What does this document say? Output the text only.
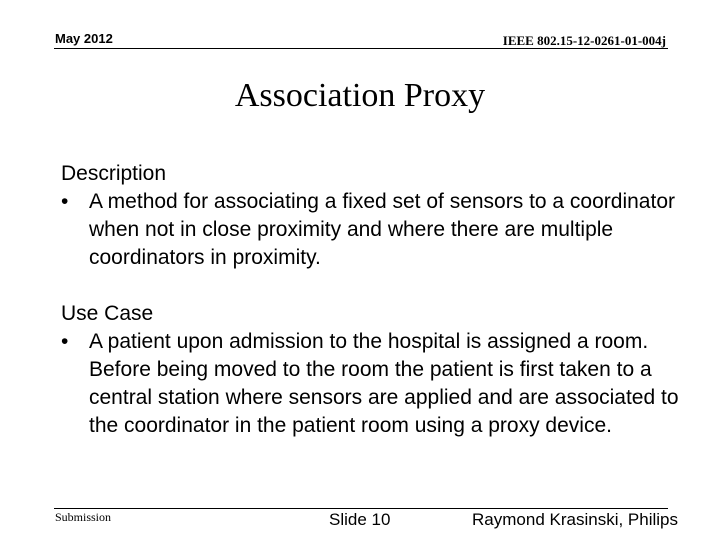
May 2012	IEEE 802.15-12-0261-01-004j
Association Proxy

Description

• A method for associating a fixed set of sensors to a coordinator when not in close proximity and where there are multiple coordinators in proximity.

Use Case

• A patient upon admission to the hospital is assigned a room. Before being moved to the room the patient is first taken to a central station where sensors are applied and are associated to the coordinator in the patient room using a proxy device.
Submission	Slide 10	Raymond Krasinski, Philips
